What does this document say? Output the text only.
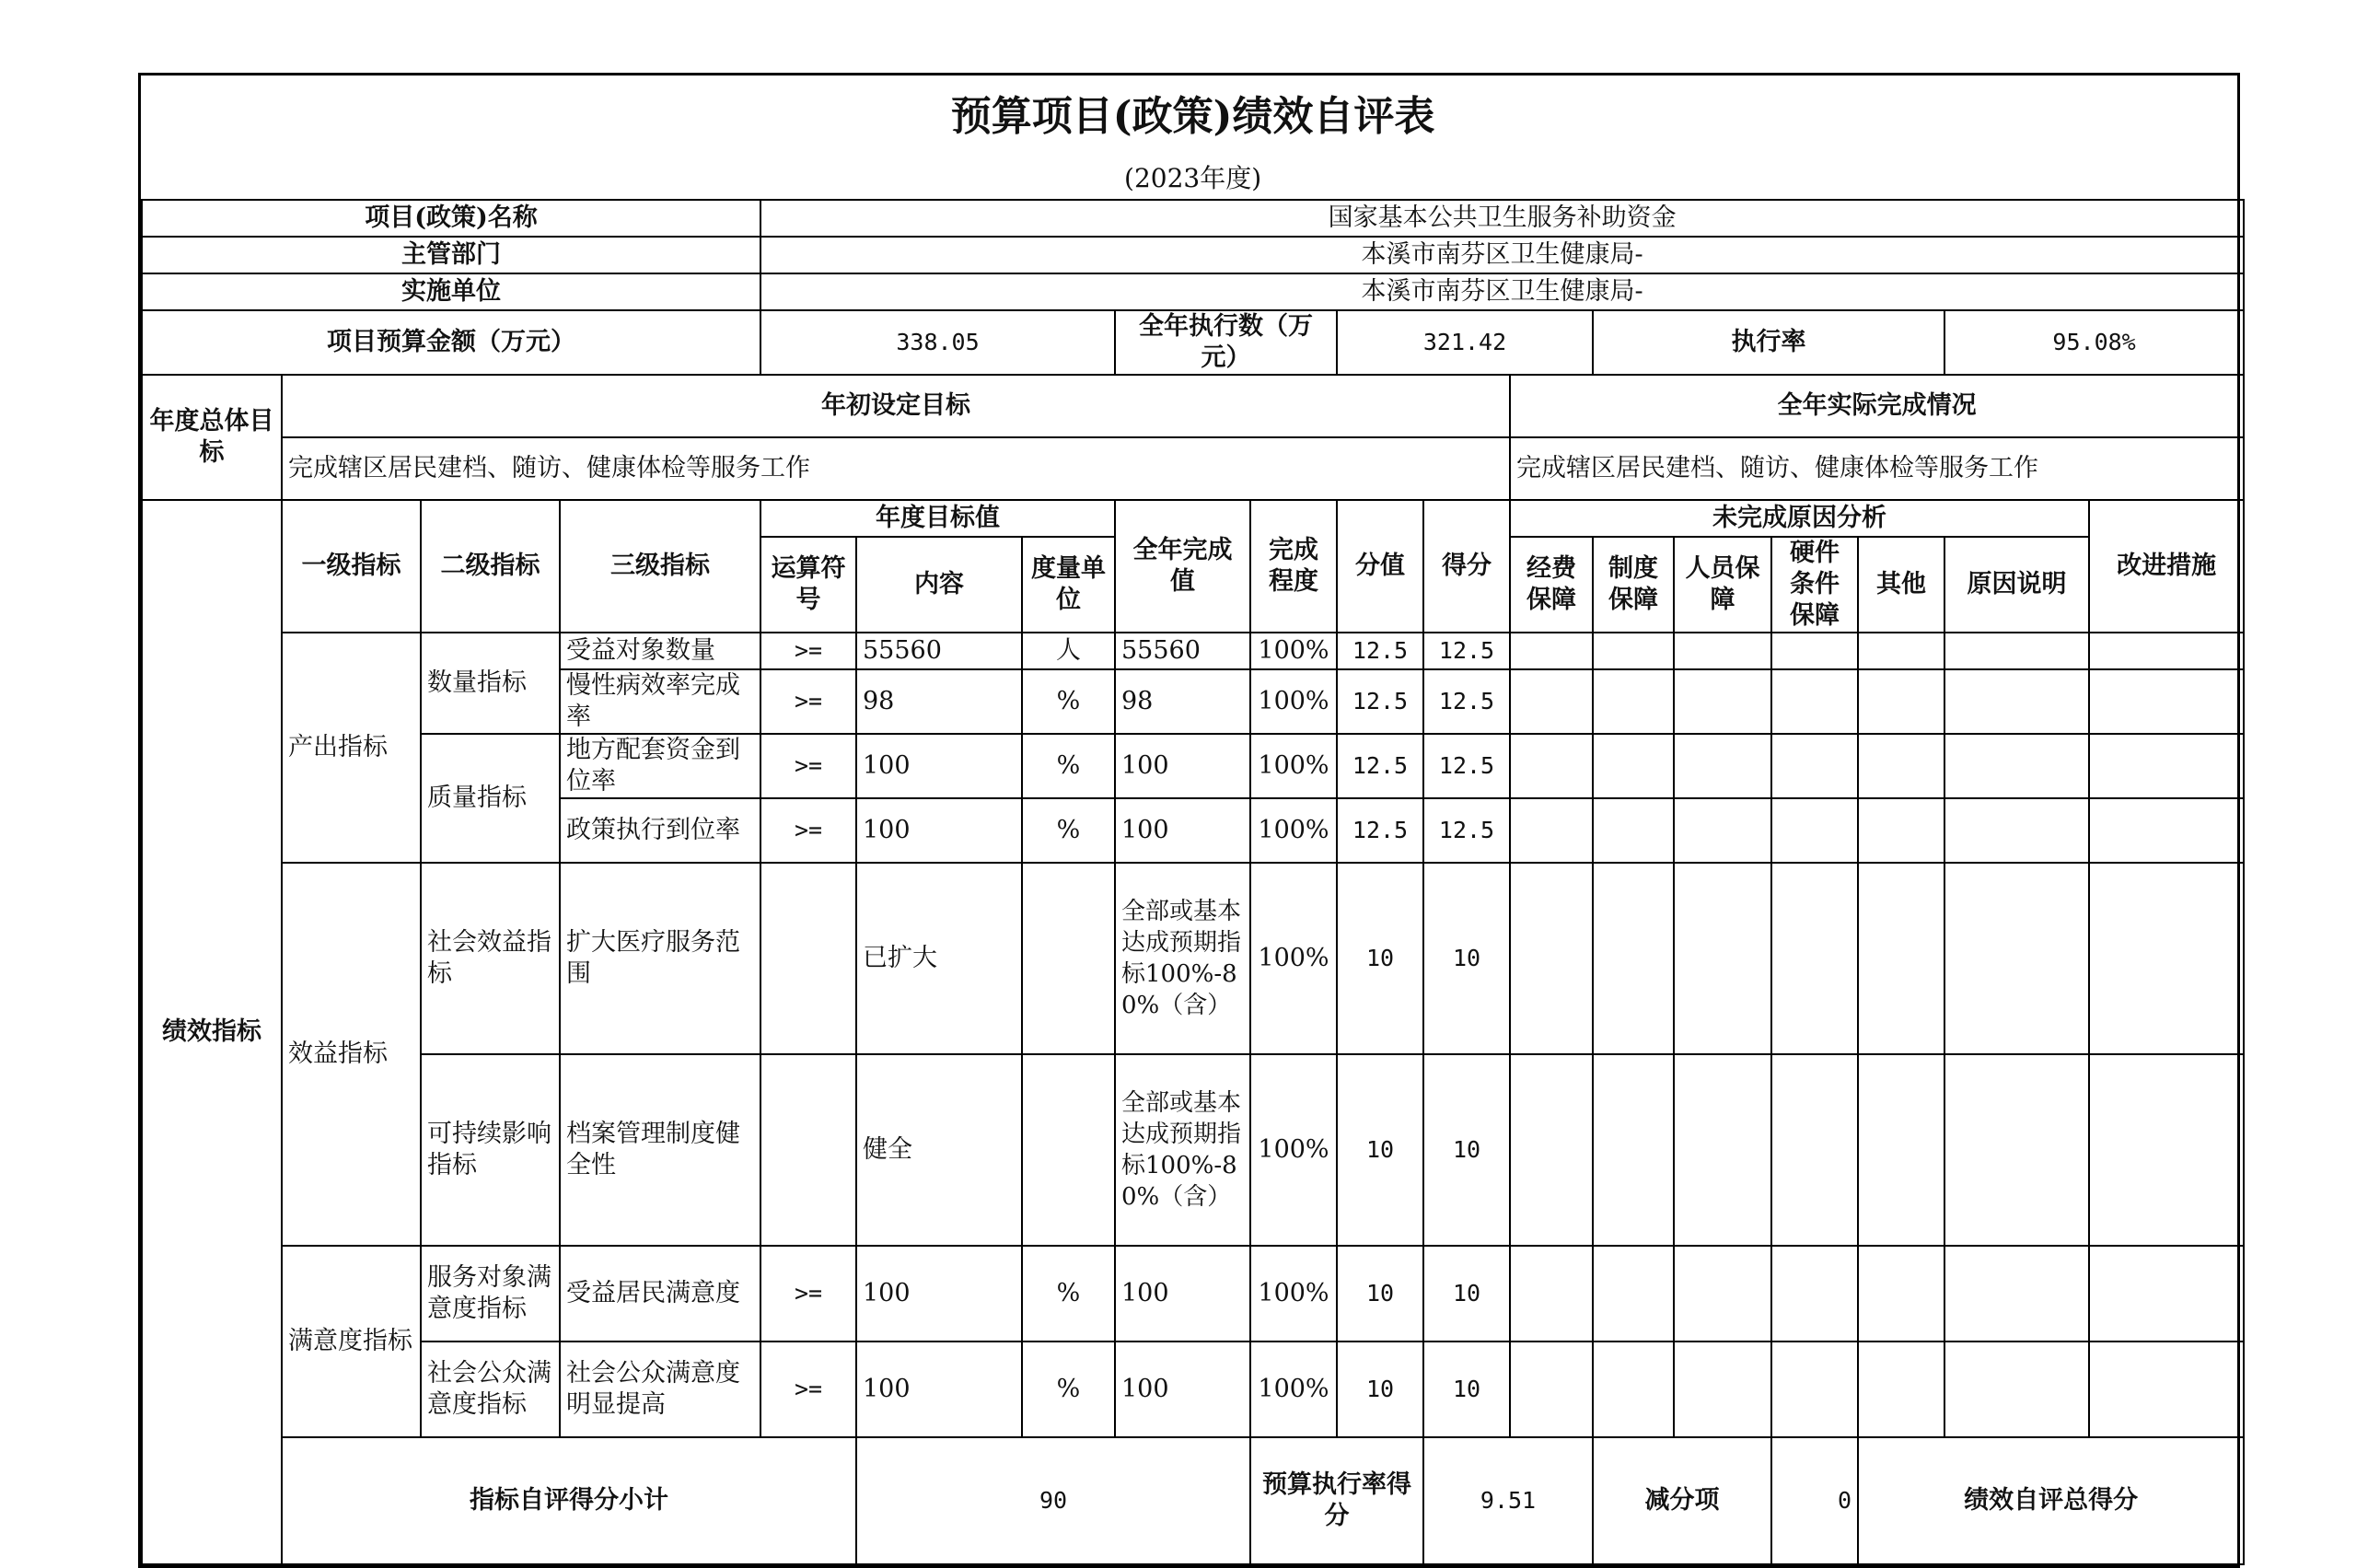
预算项目(政策)绩效自评表																		
(2023年度)																		
项目(政策)名称				国家基本公共卫生服务补助资金														
主管部门				本溪市南芬区卫生健康局-														
实施单位				本溪市南芬区卫生健康局-														
项目预算金额（万元）				338.05			全年执行数（万元）		321.42			执行率				95.08%		
年度总体目标	年初设定目标										全年实际完成情况							
	完成辖区居民建档、随访、健康体检等服务工作										完成辖区居民建档、随访、健康体检等服务工作							
绩效指标	一级指标	二级指标	三级指标	年度目标值			全年完成值	完成程度	分值	得分	未完成原因分析						改进措施	
				运算符号	内容	度量单位					经费保障	制度保障	人员保障	硬件条件保障	其他	原因说明		
	产出指标	数量指标	受益对象数量	>=	55560	人	55560	100%	12.5	12.5								
			慢性病效率完成率	>=	98	%	98	100%	12.5	12.5								
		质量指标	地方配套资金到位率	>=	100	%	100	100%	12.5	12.5								
			政策执行到位率	>=	100	%	100	100%	12.5	12.5								
	效益指标	社会效益指标	扩大医疗服务范围		已扩大		全部或基本达成预期指标100%-80%（含）	100%	10	10								
		可持续影响指标	档案管理制度健全性		健全		全部或基本达成预期指标100%-80%（含）	100%	10	10								
	满意度指标	服务对象满意度指标	受益居民满意度	>=	100	%	100	100%	10	10								
		社会公众满意度指标	社会公众满意度明显提高	>=	100	%	100	100%	10	10								
	指标自评得分小计				90			预算执行率得分		9.51		减分项		0	绩效自评总得分	
